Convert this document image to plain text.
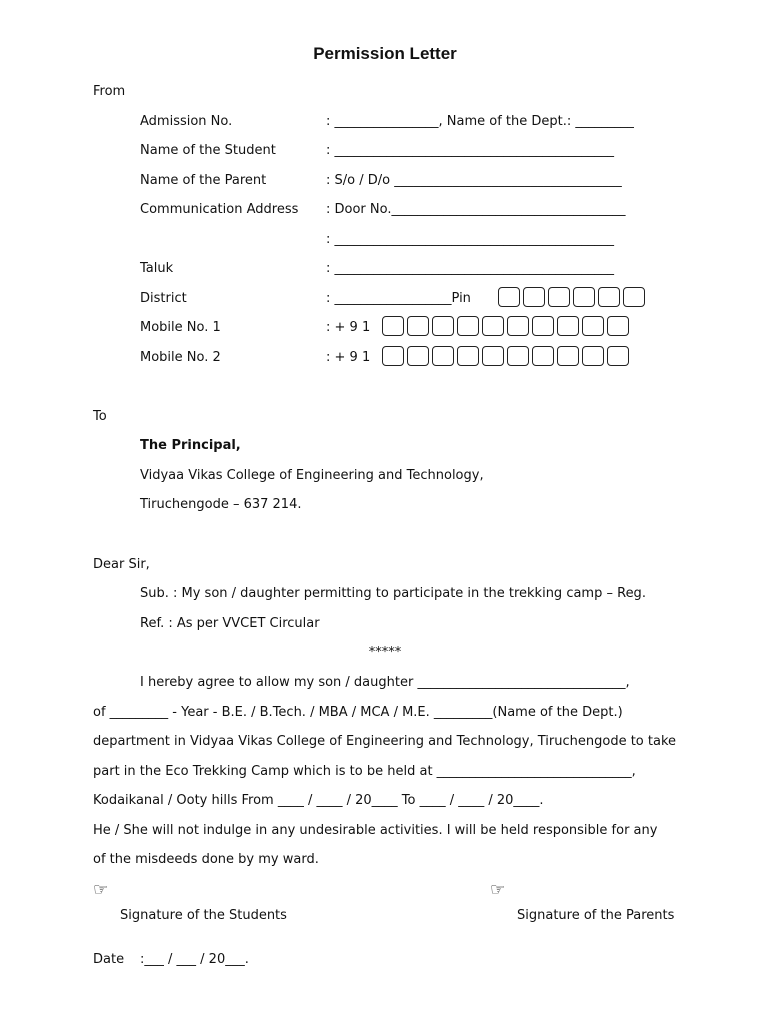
Permission Letter
From
Admission No.	: ________________, Name of the Dept.: _________
Name of the Student	: ___________________________________________
Name of the Parent	: S/o / D/o ___________________________________
Communication Address : Door No.____________________________________
: ___________________________________________
Taluk	: ___________________________________________
District	: __________________Pin
Mobile No. 1	: + 9 1
Mobile No. 2	: + 9 1
To
The Principal,
Vidyaa Vikas College of Engineering and Technology,
Tiruchengode – 637 214.
Dear Sir,
Sub. : My son / daughter permitting to participate in the trekking camp – Reg.
Ref. : As per VVCET Circular
*****
I hereby agree to allow my son / daughter ________________________________,
of _________ - Year - B.E. / B.Tech. / MBA / MCA / M.E. _________(Name of the Dept.)
department in Vidyaa Vikas College of Engineering and Technology, Tiruchengode to take
part in the Eco Trekking Camp which is to be held at ______________________________,
Kodaikanal / Ooty hills From ____ / ____ / 20____ To ____ / ____ / 20____.
He / She will not indulge in any undesirable activities. I will be held responsible for any
of the misdeeds done by my ward.
☞	☞
Signature of the Students	Signature of the Parents
Date :___ / ___ / 20___.
